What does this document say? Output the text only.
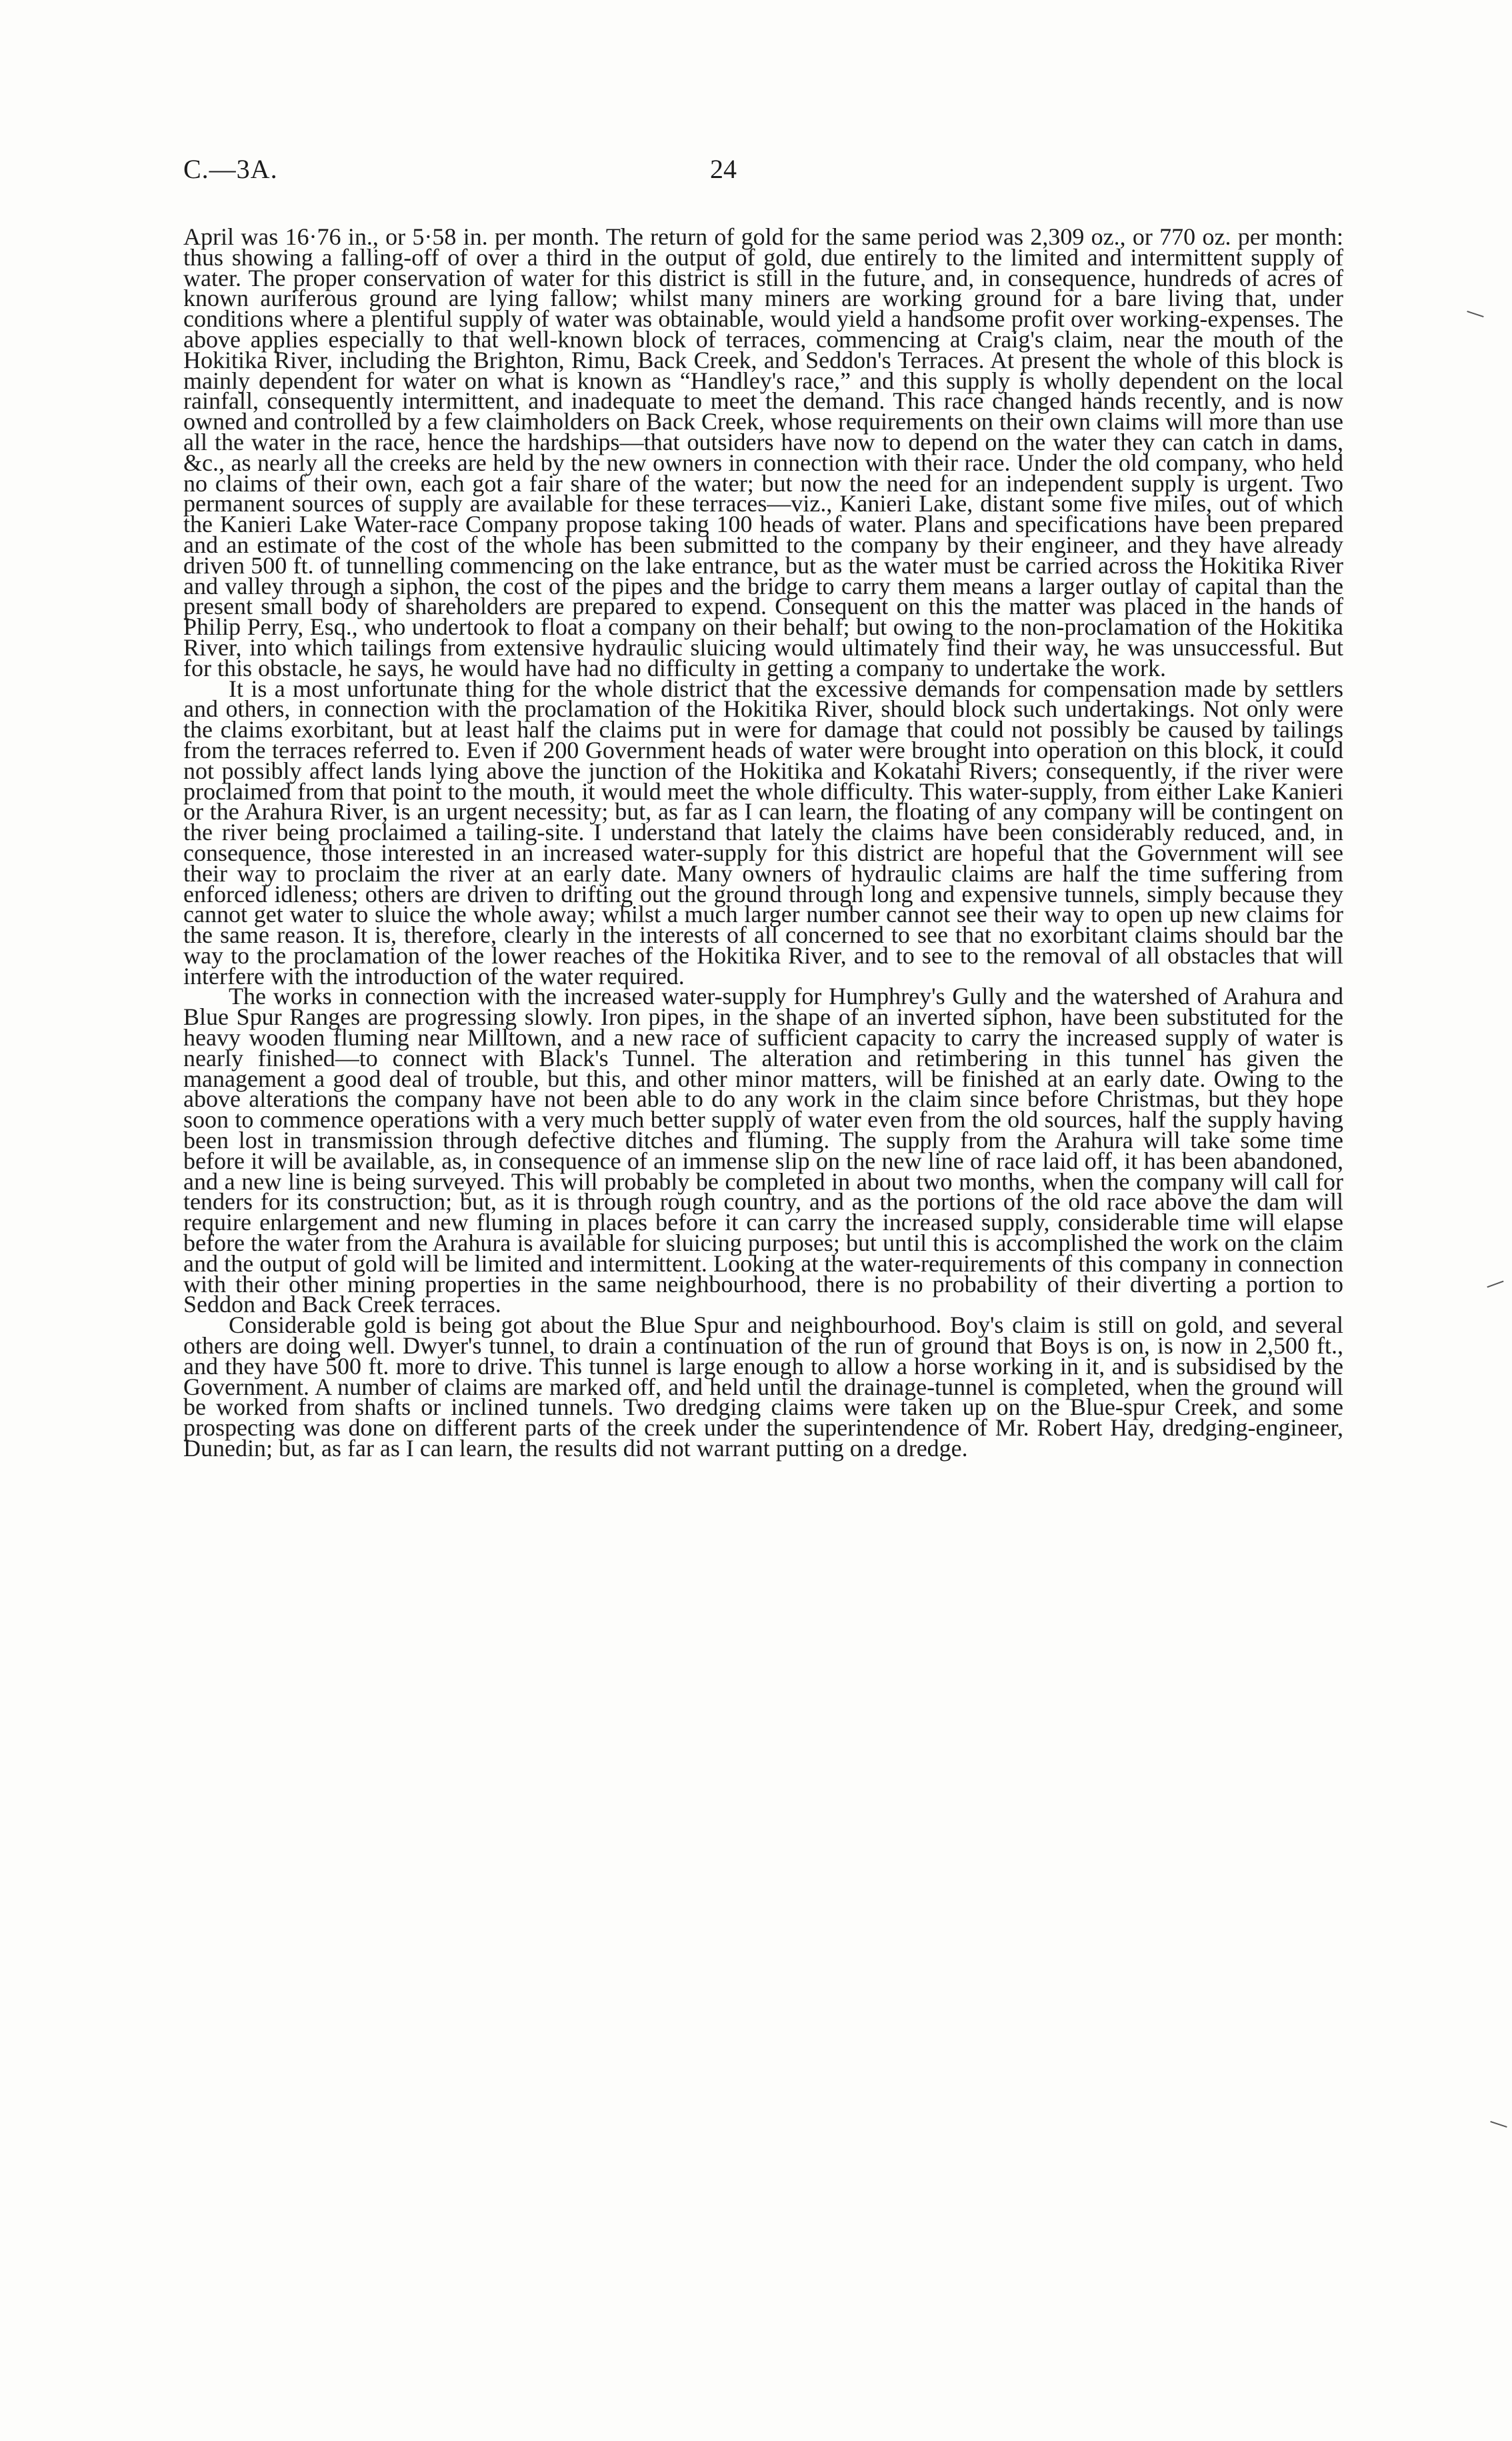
C.—3A.	24

April was 16·76 in., or 5·58 in. per month. The return of gold for the same period was 2,309 oz., or 770 oz. per month: thus showing a falling-off of over a third in the output of gold, due entirely to the limited and intermittent supply of water. The proper conservation of water for this district is still in the future, and, in consequence, hundreds of acres of known auriferous ground are lying fallow; whilst many miners are working ground for a bare living that, under conditions where a plentiful supply of water was obtainable, would yield a handsome profit over working-expenses. The above applies especially to that well-known block of terraces, commencing at Craig's claim, near the mouth of the Hokitika River, including the Brighton, Rimu, Back Creek, and Seddon's Terraces. At present the whole of this block is mainly dependent for water on what is known as “Handley's race,” and this supply is wholly dependent on the local rainfall, consequently intermittent, and inadequate to meet the demand. This race changed hands recently, and is now owned and controlled by a few claimholders on Back Creek, whose requirements on their own claims will more than use all the water in the race, hence the hardships—that outsiders have now to depend on the water they can catch in dams, &c., as nearly all the creeks are held by the new owners in connection with their race. Under the old company, who held no claims of their own, each got a fair share of the water; but now the need for an independent supply is urgent. Two permanent sources of supply are available for these terraces—viz., Kanieri Lake, distant some five miles, out of which the Kanieri Lake Water-race Company propose taking 100 heads of water. Plans and specifications have been prepared and an estimate of the cost of the whole has been submitted to the company by their engineer, and they have already driven 500 ft. of tunnelling commencing on the lake entrance, but as the water must be carried across the Hokitika River and valley through a siphon, the cost of the pipes and the bridge to carry them means a larger outlay of capital than the present small body of shareholders are prepared to expend. Consequent on this the matter was placed in the hands of Philip Perry, Esq., who undertook to float a company on their behalf; but owing to the non-proclamation of the Hokitika River, into which tailings from extensive hydraulic sluicing would ultimately find their way, he was unsuccessful. But for this obstacle, he says, he would have had no difficulty in getting a company to undertake the work.

It is a most unfortunate thing for the whole district that the excessive demands for compensation made by settlers and others, in connection with the proclamation of the Hokitika River, should block such undertakings. Not only were the claims exorbitant, but at least half the claims put in were for damage that could not possibly be caused by tailings from the terraces referred to. Even if 200 Government heads of water were brought into operation on this block, it could not possibly affect lands lying above the junction of the Hokitika and Kokatahi Rivers; consequently, if the river were proclaimed from that point to the mouth, it would meet the whole difficulty. This water-supply, from either Lake Kanieri or the Arahura River, is an urgent necessity; but, as far as I can learn, the floating of any company will be contingent on the river being proclaimed a tailing-site. I understand that lately the claims have been considerably reduced, and, in consequence, those interested in an increased water-supply for this district are hopeful that the Government will see their way to proclaim the river at an early date. Many owners of hydraulic claims are half the time suffering from enforced idleness; others are driven to drifting out the ground through long and expensive tunnels, simply because they cannot get water to sluice the whole away; whilst a much larger number cannot see their way to open up new claims for the same reason. It is, therefore, clearly in the interests of all concerned to see that no exorbitant claims should bar the way to the proclamation of the lower reaches of the Hokitika River, and to see to the removal of all obstacles that will interfere with the introduction of the water required.

The works in connection with the increased water-supply for Humphrey's Gully and the watershed of Arahura and Blue Spur Ranges are progressing slowly. Iron pipes, in the shape of an inverted siphon, have been substituted for the heavy wooden fluming near Milltown, and a new race of sufficient capacity to carry the increased supply of water is nearly finished—to connect with Black's Tunnel. The alteration and retimbering in this tunnel has given the management a good deal of trouble, but this, and other minor matters, will be finished at an early date. Owing to the above alterations the company have not been able to do any work in the claim since before Christmas, but they hope soon to commence operations with a very much better supply of water even from the old sources, half the supply having been lost in transmission through defective ditches and fluming. The supply from the Arahura will take some time before it will be available, as, in consequence of an immense slip on the new line of race laid off, it has been abandoned, and a new line is being surveyed. This will probably be completed in about two months, when the company will call for tenders for its construction; but, as it is through rough country, and as the portions of the old race above the dam will require enlargement and new fluming in places before it can carry the increased supply, considerable time will elapse before the water from the Arahura is available for sluicing purposes; but until this is accomplished the work on the claim and the output of gold will be limited and intermittent. Looking at the water-requirements of this company in connection with their other mining properties in the same neighbourhood, there is no probability of their diverting a portion to Seddon and Back Creek terraces.

Considerable gold is being got about the Blue Spur and neighbourhood. Boy's claim is still on gold, and several others are doing well. Dwyer's tunnel, to drain a continuation of the run of ground that Boys is on, is now in 2,500 ft., and they have 500 ft. more to drive. This tunnel is large enough to allow a horse working in it, and is subsidised by the Government. A number of claims are marked off, and held until the drainage-tunnel is completed, when the ground will be worked from shafts or inclined tunnels. Two dredging claims were taken up on the Blue-spur Creek, and some prospecting was done on different parts of the creek under the superintendence of Mr. Robert Hay, dredging-engineer, Dunedin; but, as far as I can learn, the results did not warrant putting on a dredge.
